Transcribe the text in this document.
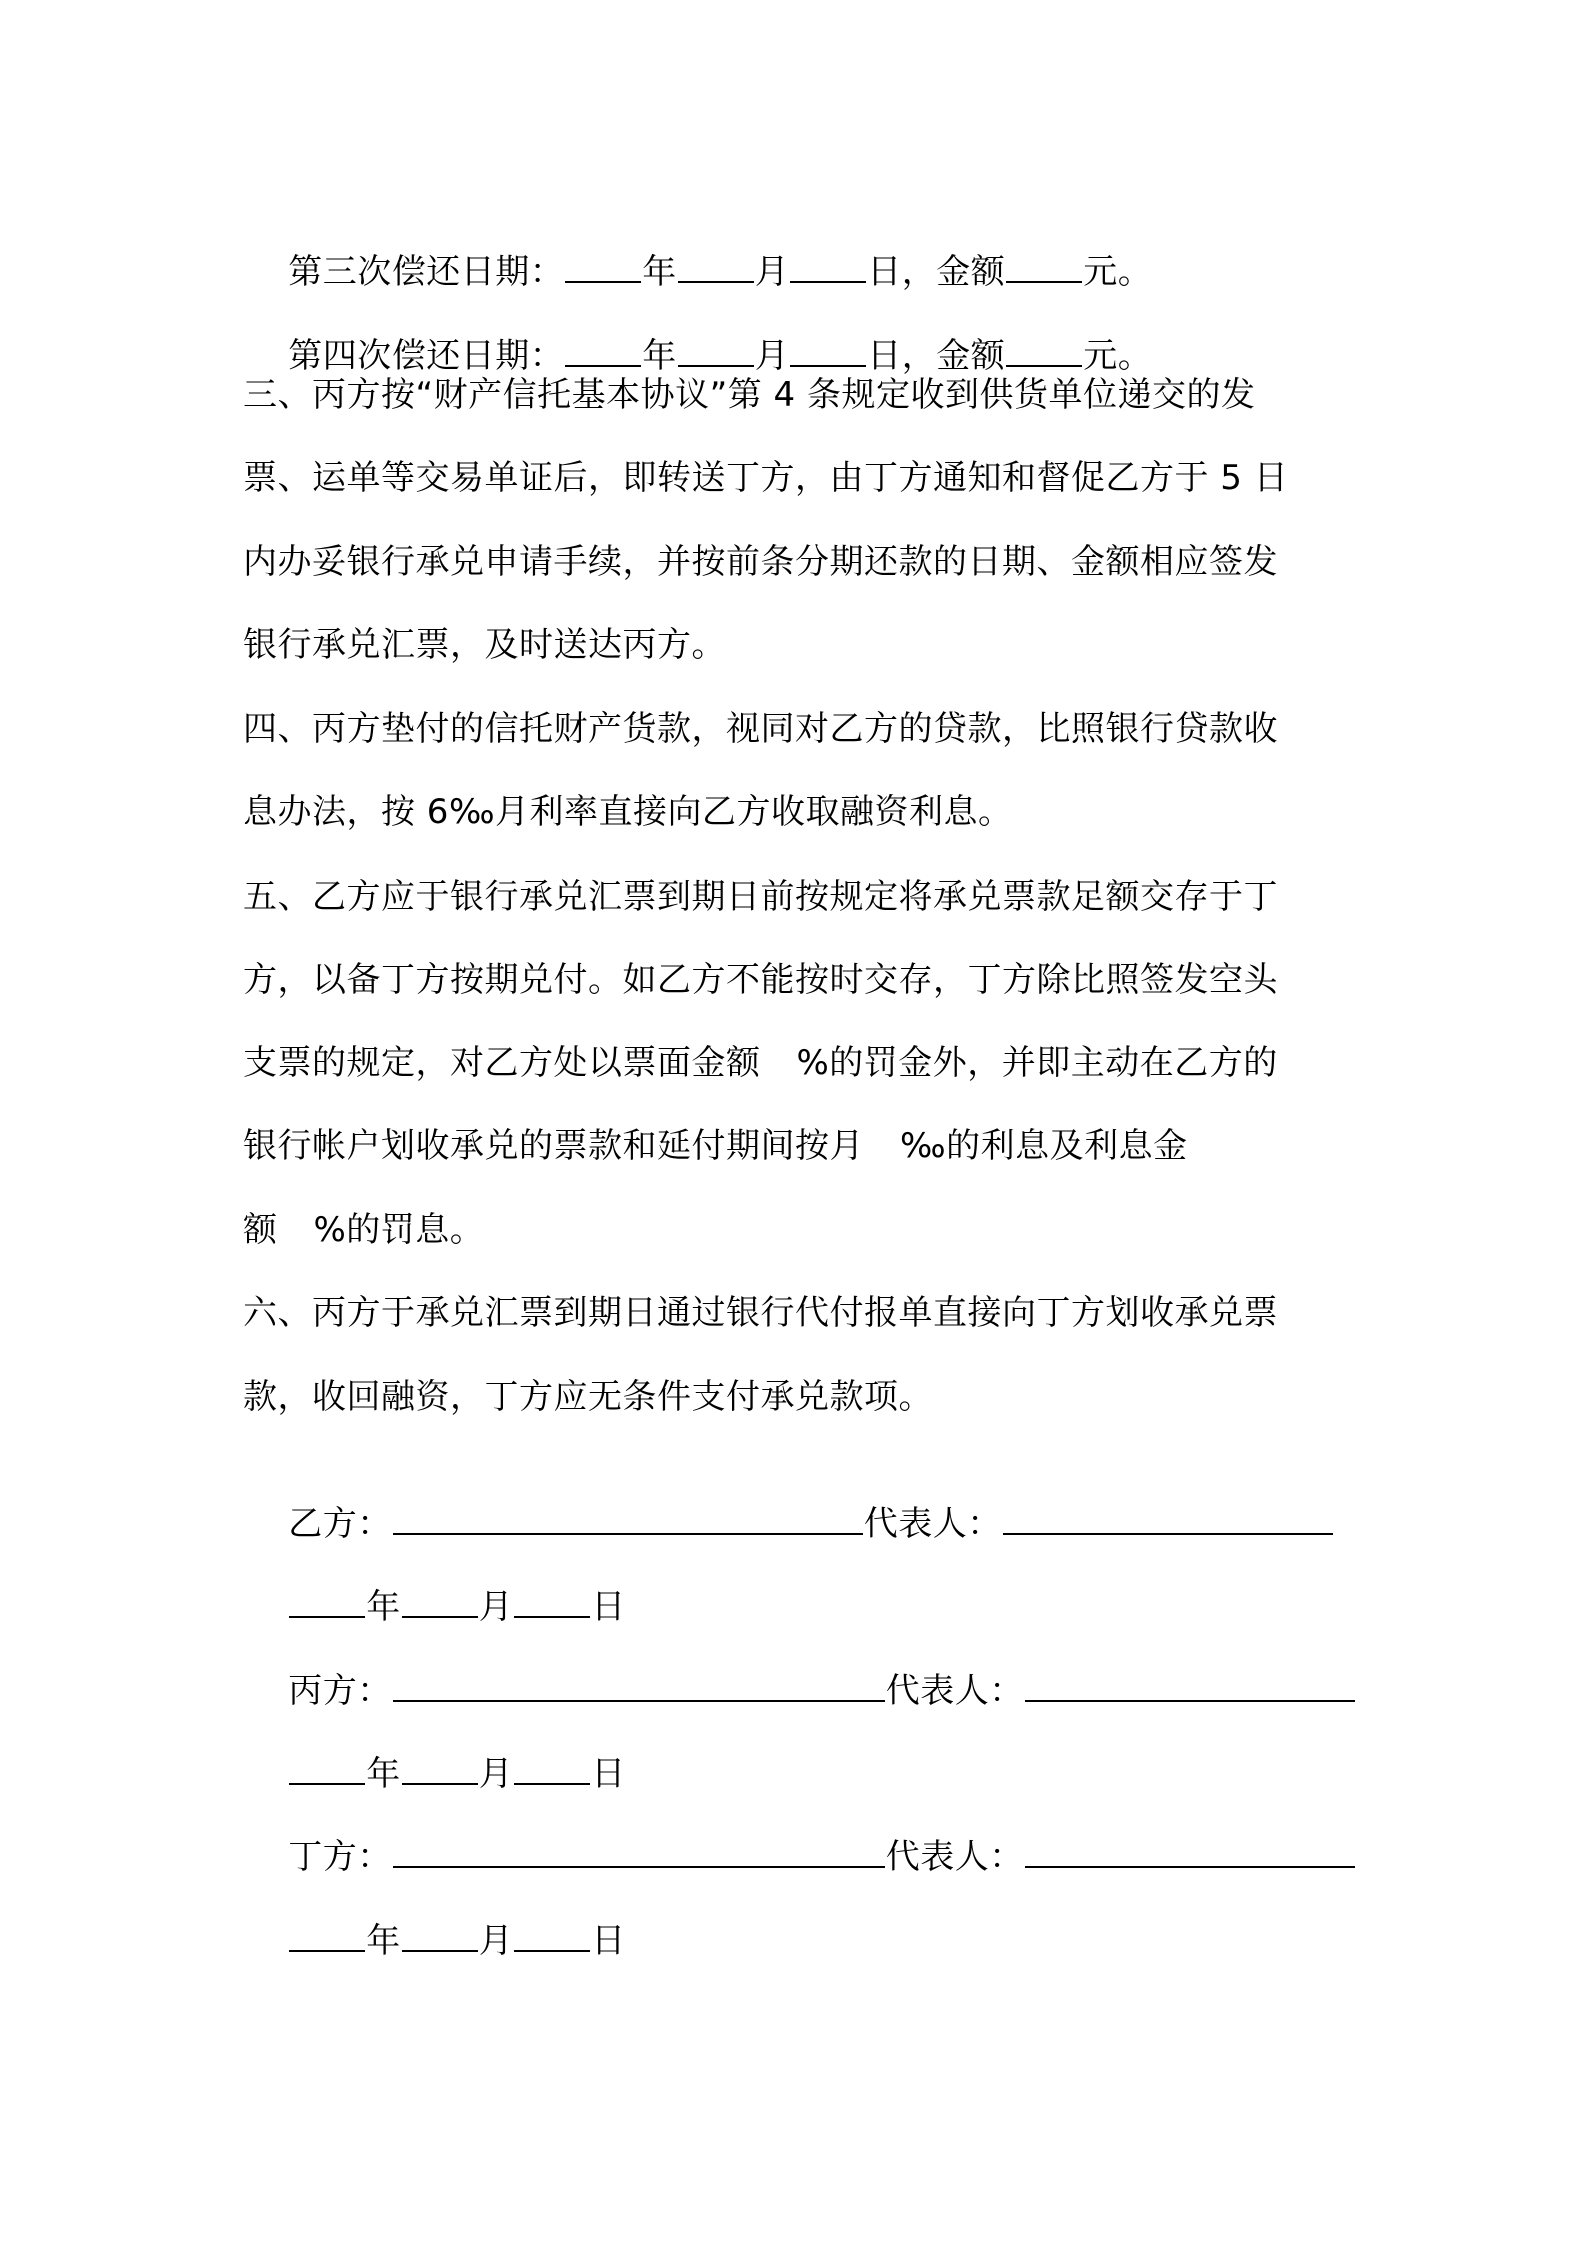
第三次偿还日期： 年 月 日，金额 元。

第四次偿还日期： 年 月 日，金额 元。

三、丙方按“财产信托基本协议”第 4 条规定收到供货单位递交的发
票、运单等交易单证后，即转送丁方，由丁方通知和督促乙方于 5 日
内办妥银行承兑申请手续，并按前条分期还款的日期、金额相应签发
银行承兑汇票，及时送达丙方。
四、丙方垫付的信托财产货款，视同对乙方的贷款，比照银行贷款收
息办法，按 6‰月利率直接向乙方收取融资利息。
五、乙方应于银行承兑汇票到期日前按规定将承兑票款足额交存于丁
方，以备丁方按期兑付。如乙方不能按时交存，丁方除比照签发空头
支票的规定，对乙方处以票面金额 %的罚金外，并即主动在乙方的
银行帐户划收承兑的票款和延付期间按月 ‰的利息及利息金
额 %的罚息。
六、丙方于承兑汇票到期日通过银行代付报单直接向丁方划收承兑票
款，收回融资，丁方应无条件支付承兑款项。

乙方：	代表人：

年 月 日

丙方：	代表人：

年 月 日

丁方：	代表人：

年 月 日
